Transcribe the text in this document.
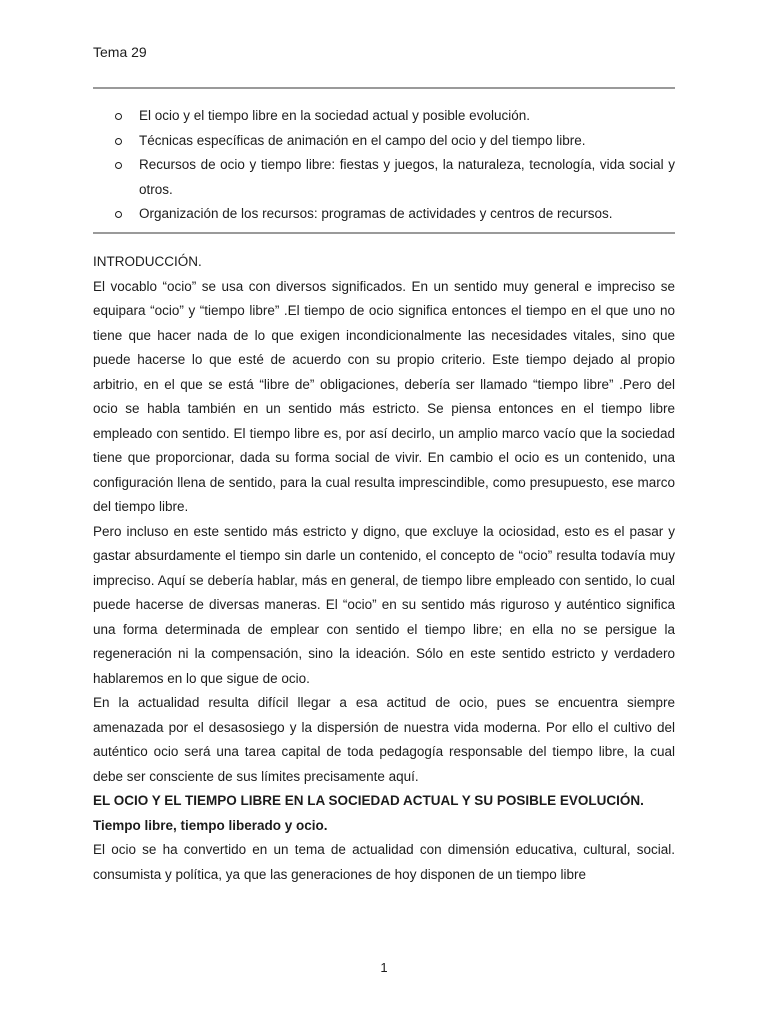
Tema 29
El ocio y el tiempo libre en la sociedad actual y posible evolución.
Técnicas específicas de animación en el campo del ocio y del tiempo libre.
Recursos de ocio y tiempo libre: fiestas y juegos, la naturaleza, tecnología, vida social y otros.
Organización de los recursos: programas de actividades y centros de recursos.

INTRODUCCIÓN.

El vocablo “ocio” se usa con diversos significados. En un sentido muy general e impreciso se equipara “ocio” y “tiempo libre” .El tiempo de ocio significa entonces el tiempo en el que uno no tiene que hacer nada de lo que exigen incondicionalmente las necesidades vitales, sino que puede hacerse lo que esté de acuerdo con su propio criterio. Este tiempo dejado al propio arbitrio, en el que se está “libre de” obligaciones, debería ser llamado “tiempo libre” .Pero del ocio se habla también en un sentido más estricto. Se piensa entonces en el tiempo libre empleado con sentido. El tiempo libre es, por así decirlo, un amplio marco vacío que la sociedad tiene que proporcionar, dada su forma social de vivir. En cambio el ocio es un contenido, una configuración llena de sentido, para la cual resulta imprescindible, como presupuesto, ese marco del tiempo libre.

Pero incluso en este sentido más estricto y digno, que excluye la ociosidad, esto es el pasar y gastar absurdamente el tiempo sin darle un contenido, el concepto de “ocio” resulta todavía muy impreciso. Aquí se debería hablar, más en general, de tiempo libre empleado con sentido, lo cual puede hacerse de diversas maneras. El “ocio” en su sentido más riguroso y auténtico significa una forma determinada de emplear con sentido el tiempo libre; en ella no se persigue la regeneración ni la compensación, sino la ideación. Sólo en este sentido estricto y verdadero hablaremos en lo que sigue de ocio.

En la actualidad resulta difícil llegar a esa actitud de ocio, pues se encuentra siempre amenazada por el desasosiego y la dispersión de nuestra vida moderna. Por ello el cultivo del auténtico ocio será una tarea capital de toda pedagogía responsable del tiempo libre, la cual debe ser consciente de sus límites precisamente aquí.

EL OCIO Y EL TIEMPO LIBRE EN LA SOCIEDAD ACTUAL Y SU POSIBLE EVOLUCIÓN.

Tiempo libre, tiempo liberado y ocio.

El ocio se ha convertido en un tema de actualidad con dimensión educativa, cultural, social. consumista y política, ya que las generaciones de hoy disponen de un tiempo libre

1
